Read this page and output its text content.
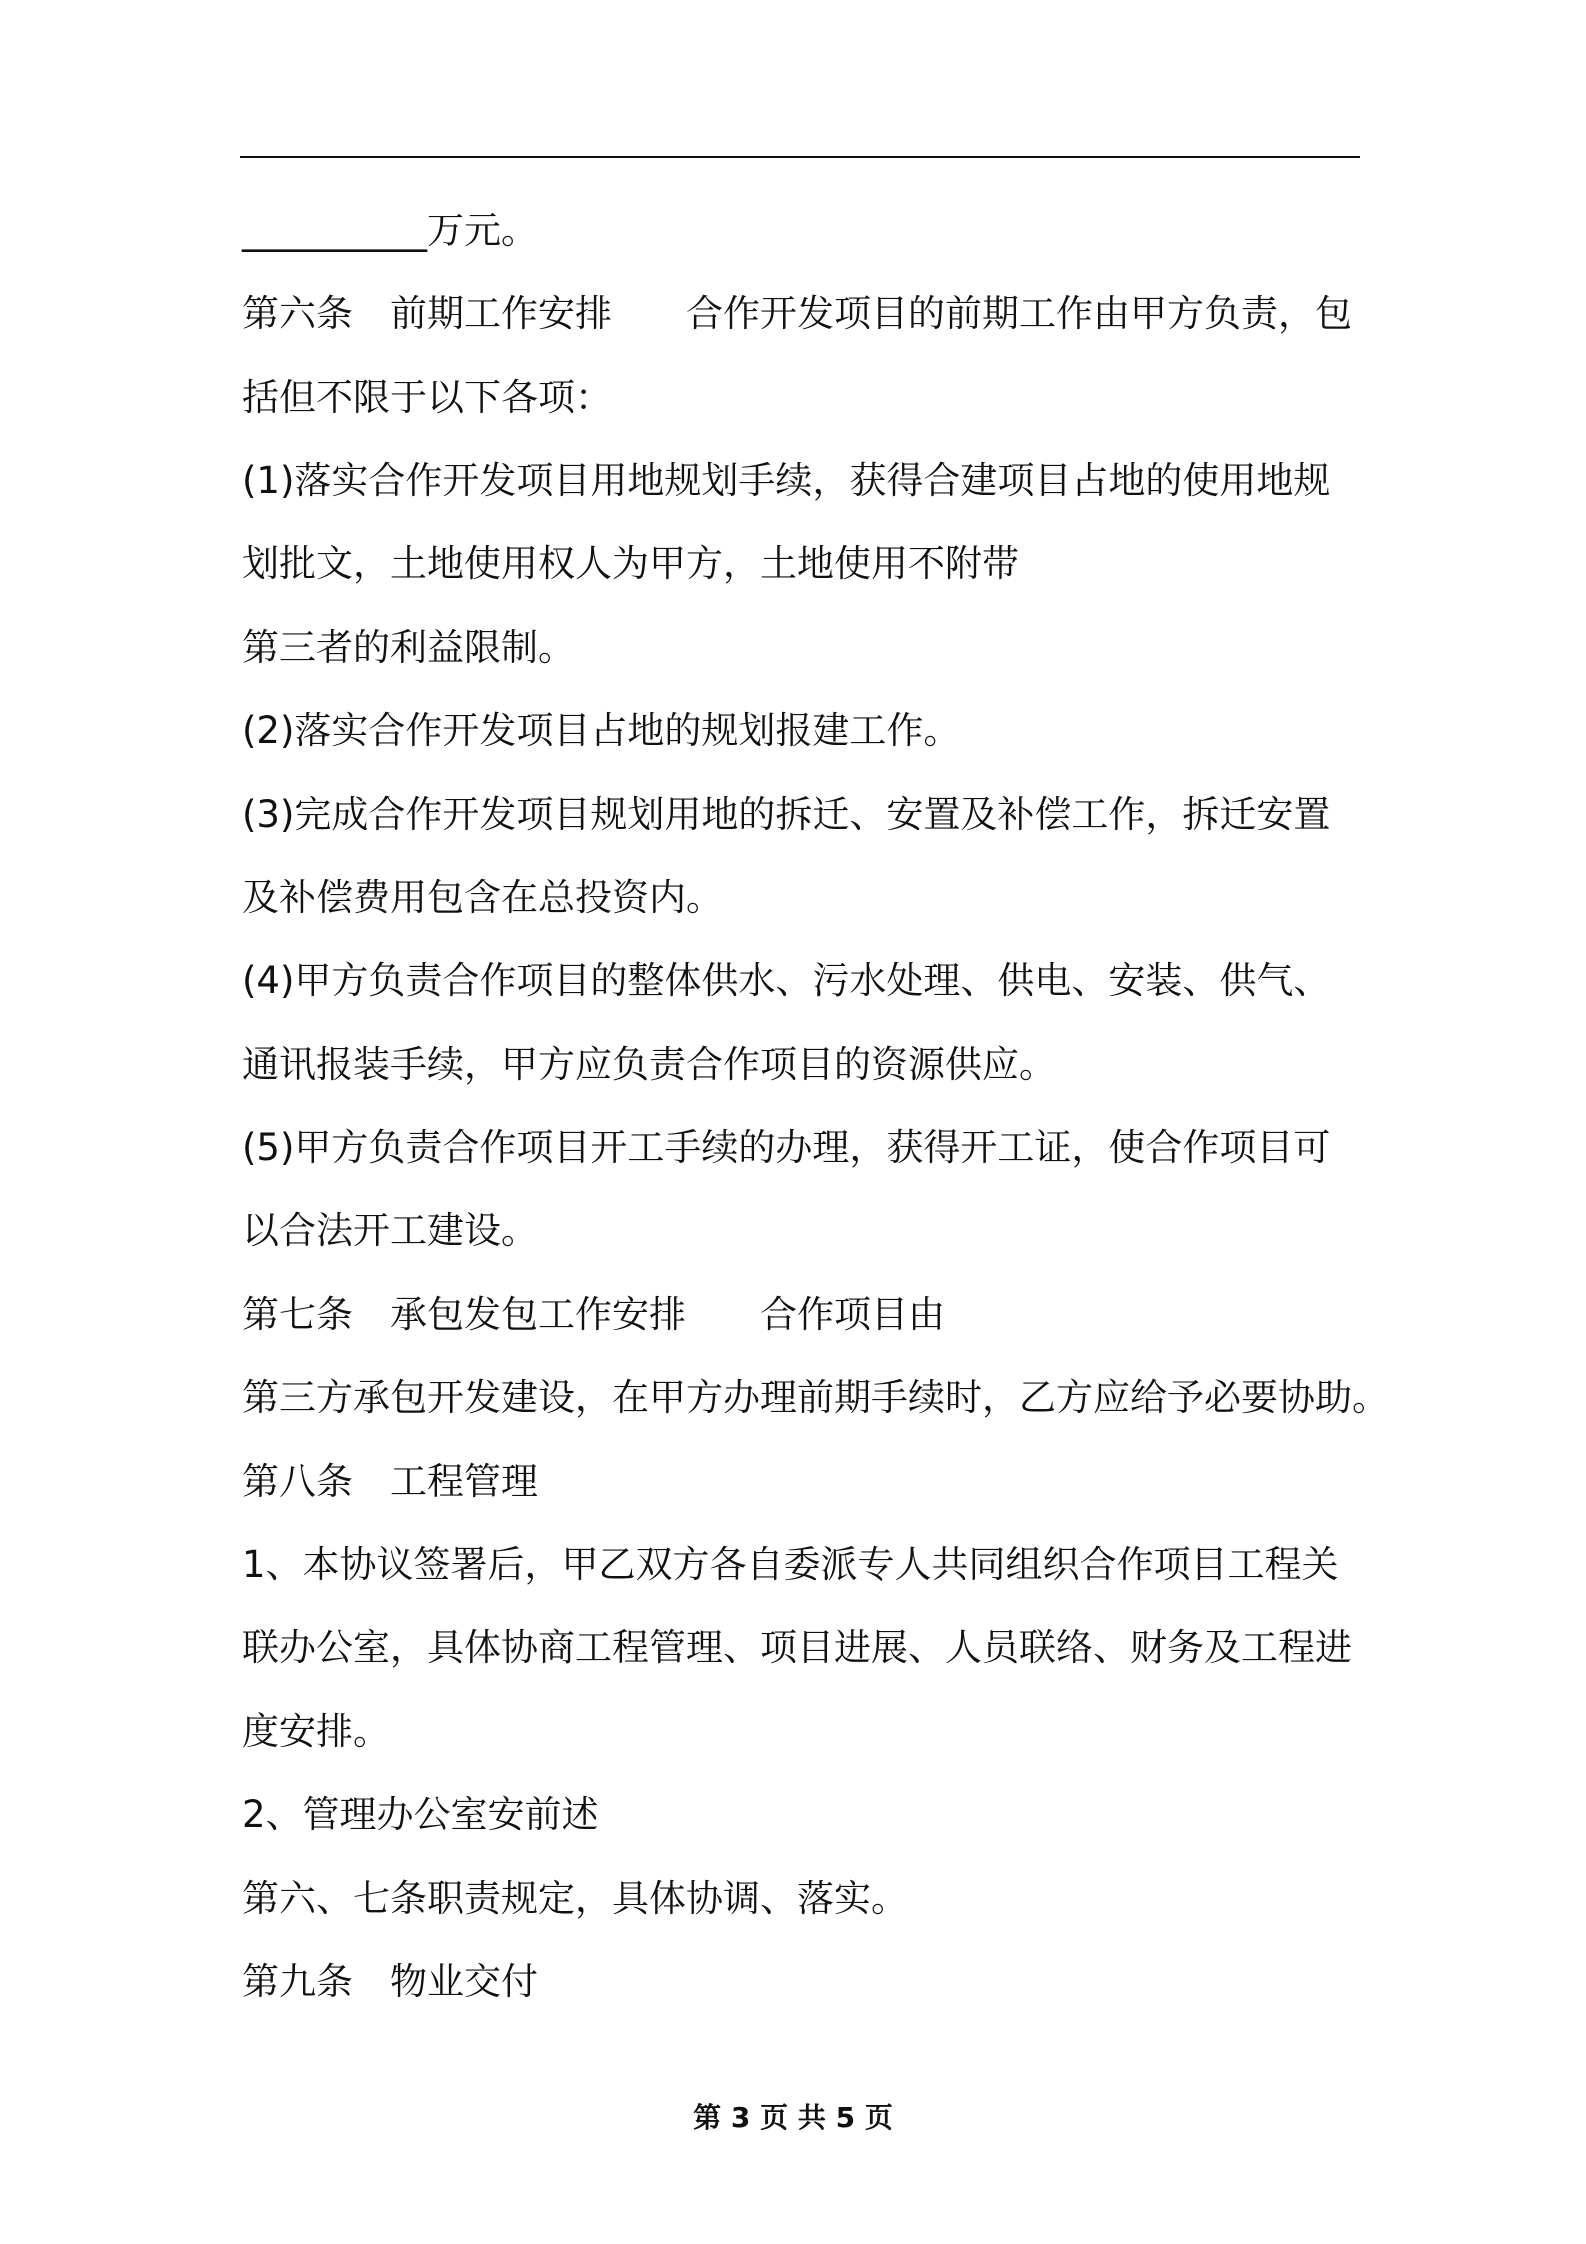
__________万元。
第六条　前期工作安排　　合作开发项目的前期工作由甲方负责，包
括但不限于以下各项：
(1)落实合作开发项目用地规划手续，获得合建项目占地的使用地规
划批文，土地使用权人为甲方，土地使用不附带
第三者的利益限制。
(2)落实合作开发项目占地的规划报建工作。
(3)完成合作开发项目规划用地的拆迁、安置及补偿工作，拆迁安置
及补偿费用包含在总投资内。
(4)甲方负责合作项目的整体供水、污水处理、供电、安装、供气、
通讯报装手续，甲方应负责合作项目的资源供应。
(5)甲方负责合作项目开工手续的办理，获得开工证，使合作项目可
以合法开工建设。
第七条　承包发包工作安排　　合作项目由
第三方承包开发建设，在甲方办理前期手续时，乙方应给予必要协助。
第八条　工程管理
1、本协议签署后，甲乙双方各自委派专人共同组织合作项目工程关
联办公室，具体协商工程管理、项目进展、人员联络、财务及工程进
度安排。
2、管理办公室安前述
第六、七条职责规定，具体协调、落实。
第九条　物业交付
第 3 页 共 5 页
